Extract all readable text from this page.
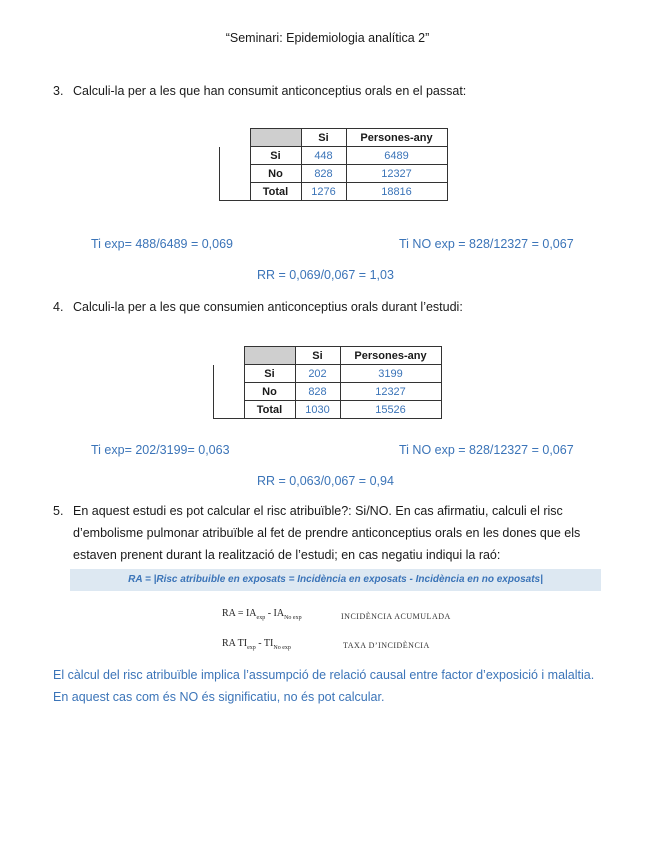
“Seminari: Epidemiologia analítica 2”
3. Calculi-la per a les que han consumit anticonceptius orals en el passat:
		Si	Persones-any
	Si	448	6489
	No	828	12327
	Total	1276	18816
Ti exp= 488/6489 = 0,069	Ti NO exp = 828/12327 = 0,067
RR = 0,069/0,067 = 1,03
4. Calculi-la per a les que consumien anticonceptius orals durant l’estudi:
		Si	Persones-any
	Si	202	3199
	No	828	12327
	Total	1030	15526
Ti exp= 202/3199= 0,063	Ti NO exp = 828/12327 = 0,067
RR = 0,063/0,067 = 0,94
5. En aquest estudi es pot calcular el risc atribuïble?: Si/NO. En cas afirmatiu, calculi el risc
d’embolisme pulmonar atribuïble al fet de prendre anticonceptius orals en les dones que els
estaven prenent durant la realització de l’estudi; en cas negatiu indiqui la raó:
RA = |Risc atribuible en exposats = Incidència en exposats - Incidència en no exposats|
RA = $IA_{exp} - IA_{No exp}$	INCIDÈNCIA ACUMULADA
RA $TI_{exp} - TI_{No exp}$	TAXA D’INCIDÈNCIA
El càlcul del risc atribuïble implica l’assumpció de relació causal entre factor d’exposició i malaltia.
En aquest cas com és NO és significatiu, no és pot calcular.
